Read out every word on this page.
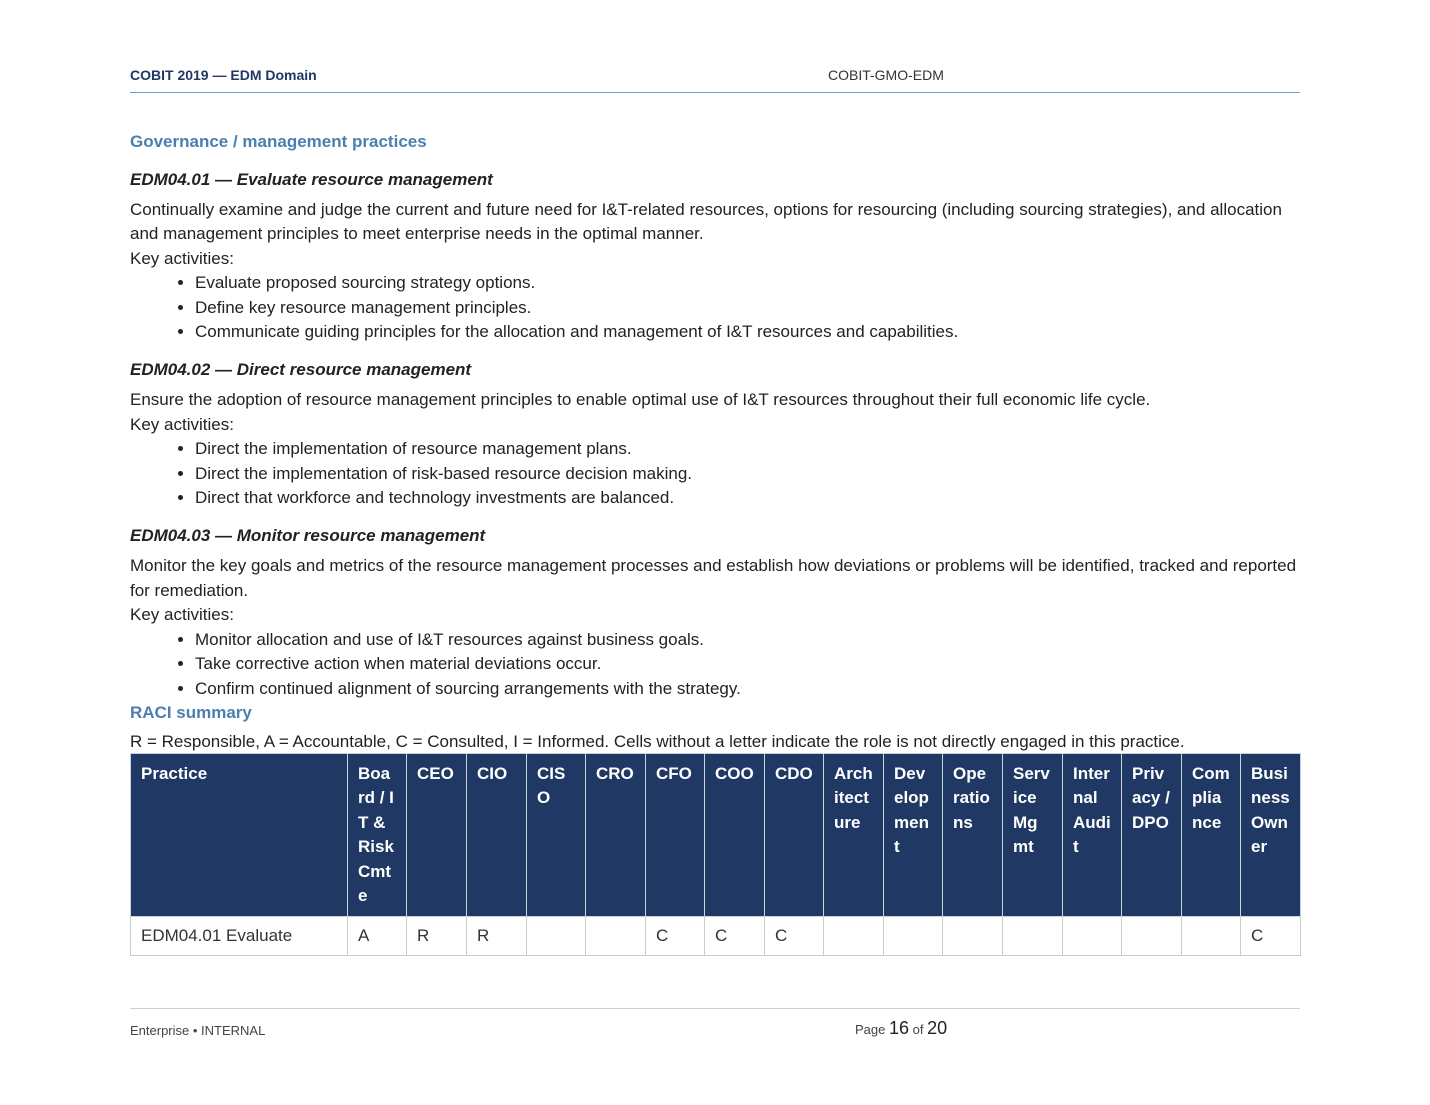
COBIT 2019 — EDM Domain	COBIT-GMO-EDM
Governance / management practices
EDM04.01 — Evaluate resource management

Continually examine and judge the current and future need for I&T-related resources, options for resourcing (including sourcing strategies), and allocation and management principles to meet enterprise needs in the optimal manner.

Key activities:

• Evaluate proposed sourcing strategy options.
• Define key resource management principles.
• Communicate guiding principles for the allocation and management of I&T resources and capabilities.
EDM04.02 — Direct resource management

Ensure the adoption of resource management principles to enable optimal use of I&T resources throughout their full economic life cycle.

Key activities:

• Direct the implementation of resource management plans.
• Direct the implementation of risk-based resource decision making.
• Direct that workforce and technology investments are balanced.
EDM04.03 — Monitor resource management

Monitor the key goals and metrics of the resource management processes and establish how deviations or problems will be identified, tracked and reported for remediation.

Key activities:

• Monitor allocation and use of I&T resources against business goals.
• Take corrective action when material deviations occur.
• Confirm continued alignment of sourcing arrangements with the strategy.
RACI summary

R = Responsible, A = Accountable, C = Consulted, I = Informed. Cells without a letter indicate the role is not directly engaged in this practice.

Practice	Board / IT & Risk Cmte	CEO	CIO	CISO	CRO	CFO	COO	CDO	Architecture	Development	Operations	Service Mgmt	Internal Audit	Privacy / DPO	Compliance	Business Owner
EDM04.01 Evaluate	A	R	R			C	C	C								C
Enterprise • INTERNAL	Page 16 of 20
